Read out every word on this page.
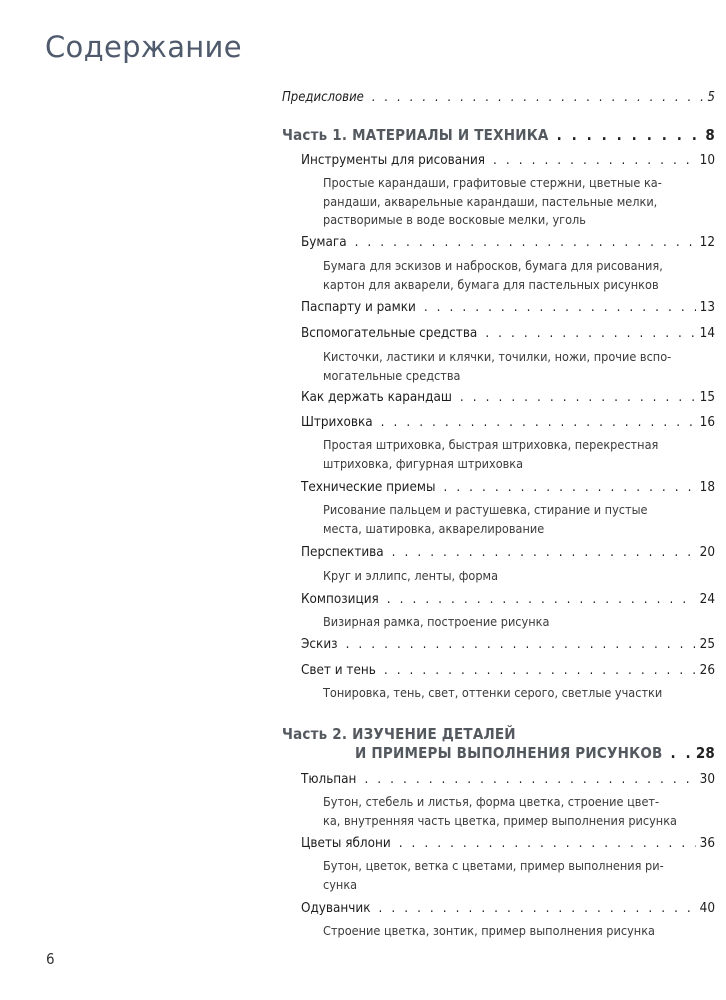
Содержание
Предисловие . . .	5
Часть 1. МАТЕРИАЛЫ И ТЕХНИКА . . .	8
Инструменты для рисования . . .	10
Простые карандаши, графитовые стержни, цветные ка-
рандаши, акварельные карандаши, пастельные мелки,
растворимые в воде восковые мелки, уголь
Бумага . . .	12
Бумага для эскизов и набросков, бумага для рисования,
картон для акварели, бумага для пастельных рисунков
Паспарту и рамки . . .	13
Вспомогательные средства . . .	14
Кисточки, ластики и клячки, точилки, ножи, прочие вспо-
могательные средства
Как держать карандаш . . .	15
Штриховка . . .	16
Простая штриховка, быстрая штриховка, перекрестная
штриховка, фигурная штриховка
Технические приемы . . .	18
Рисование пальцем и растушевка, стирание и пустые
места, шатировка, акварелирование
Перспектива . . .	20
Круг и эллипс, ленты, форма
Композиция . . .	24
Визирная рамка, построение рисунка
Эскиз . . .	25
Свет и тень . . .	26
Тонировка, тень, свет, оттенки серого, светлые участки
Часть 2. ИЗУЧЕНИЕ ДЕТАЛЕЙ
И ПРИМЕРЫ ВЫПОЛНЕНИЯ РИСУНКОВ . . . 28
Тюльпан . . .	30
Бутон, стебель и листья, форма цветка, строение цвет-
ка, внутренняя часть цветка, пример выполнения рисунка
Цветы яблони . . .	36
Бутон, цветок, ветка с цветами, пример выполнения ри-
сунка
Одуванчик . . .	40
Строение цветка, зонтик, пример выполнения рисунка
6
